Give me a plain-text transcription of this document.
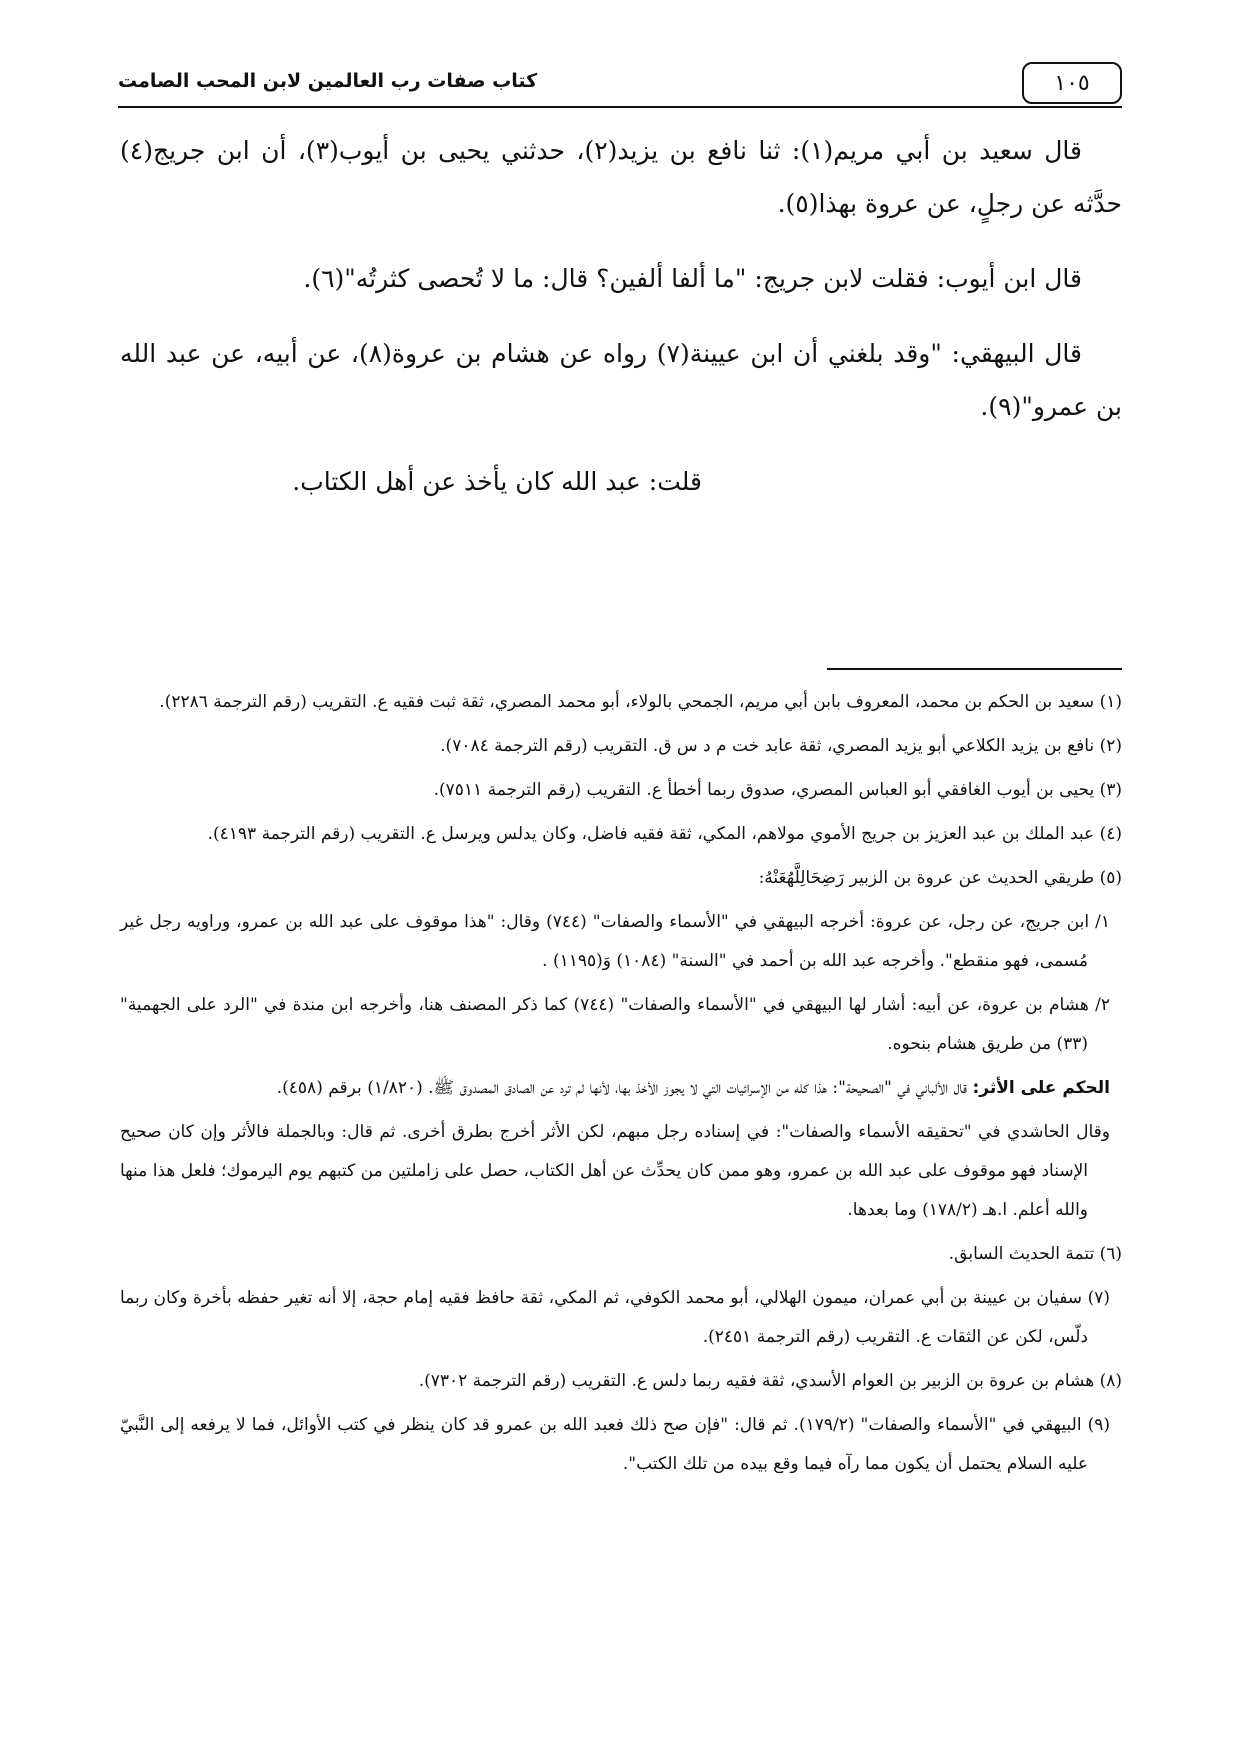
١٠٥
كتاب صفات رب العالمين لابن المحب الصامت

قال سعيد بن أبي مريم(١): ثنا نافع بن يزيد(٢)، حدثني يحيى بن أيوب(٣)، أن ابن جريج(٤) حدَّثه عن رجلٍ، عن عروة بهذا(٥).

قال ابن أيوب: فقلت لابن جريج: "ما ألفا ألفين؟ قال: ما لا تُحصى كثرتُه"(٦).

قال البيهقي: "وقد بلغني أن ابن عيينة(٧) رواه عن هشام بن عروة(٨)، عن أبيه، عن عبد الله بن عمرو"(٩).

قلت: عبد الله كان يأخذ عن أهل الكتاب.

(١) سعيد بن الحكم بن محمد، المعروف بابن أبي مريم، الجمحي بالولاء، أبو محمد المصري، ثقة ثبت فقيه ع. التقريب (رقم الترجمة ٢٢٨٦).

(٢) نافع بن يزيد الكلاعي أبو يزيد المصري، ثقة عابد خت م د س ق. التقريب (رقم الترجمة ٧٠٨٤).

(٣) يحيى بن أيوب الغافقي أبو العباس المصري، صدوق ربما أخطأ ع. التقريب (رقم الترجمة ٧٥١١).

(٤) عبد الملك بن عبد العزيز بن جريج الأموي مولاهم، المكي، ثقة فقيه فاضل، وكان يدلس ويرسل ع. التقريب (رقم الترجمة ٤١٩٣).

(٥) طريقي الحديث عن عروة بن الزبير رَضِحَالِلَّهُعَنْهُ:

١/ ابن جريج، عن رجل، عن عروة: أخرجه البيهقي في "الأسماء والصفات" (٧٤٤) وقال: "هذا موقوف على عبد الله بن عمرو، وراويه رجل غير مُسمى، فهو منقطع". وأخرجه عبد الله بن أحمد في "السنة" (١٠٨٤) وَ(١١٩٥) .

٢/ هشام بن عروة، عن أبيه: أشار لها البيهقي في "الأسماء والصفات" (٧٤٤) كما ذكر المصنف هنا، وأخرجه ابن مندة في "الرد على الجهمية" (٣٣) من طريق هشام بنحوه.

الحكم على الأثر: قال الألباني في "الصحيحة": هذا كله من الإسرائيات التي لا يجوز الأخذ بها، لأنها لم ترد عن الصادق المصدوق ﷺ. (١/٨٢٠) برقم (٤٥٨).

وقال الحاشدي في "تحقيقه الأسماء والصفات": في إسناده رجل مبهم، لكن الأثر أخرج بطرق أخرى. ثم قال: وبالجملة فالأثر وإن كان صحيح الإسناد فهو موقوف على عبد الله بن عمرو، وهو ممن كان يحدِّث عن أهل الكتاب، حصل على زاملتين من كتبهم يوم اليرموك؛ فلعل هذا منها والله أعلم. ا.هـ (١٧٨/٢) وما بعدها.

(٦) تتمة الحديث السابق.

(٧) سفيان بن عيينة بن أبي عمران، ميمون الهلالي، أبو محمد الكوفي، ثم المكي، ثقة حافظ فقيه إمام حجة، إلا أنه تغير حفظه بأخرة وكان ربما دلّس، لكن عن الثقات ع. التقريب (رقم الترجمة ٢٤٥١).

(٨) هشام بن عروة بن الزبير بن العوام الأسدي، ثقة فقيه ربما دلس ع. التقريب (رقم الترجمة ٧٣٠٢).

(٩) البيهقي في "الأسماء والصفات" (١٧٩/٢). ثم قال: "فإن صح ذلك فعبد الله بن عمرو قد كان ينظر في كتب الأوائل، فما لا يرفعه إلى النَّبيّ عليه السلام يحتمل أن يكون مما رآه فيما وقع بيده من تلك الكتب".
